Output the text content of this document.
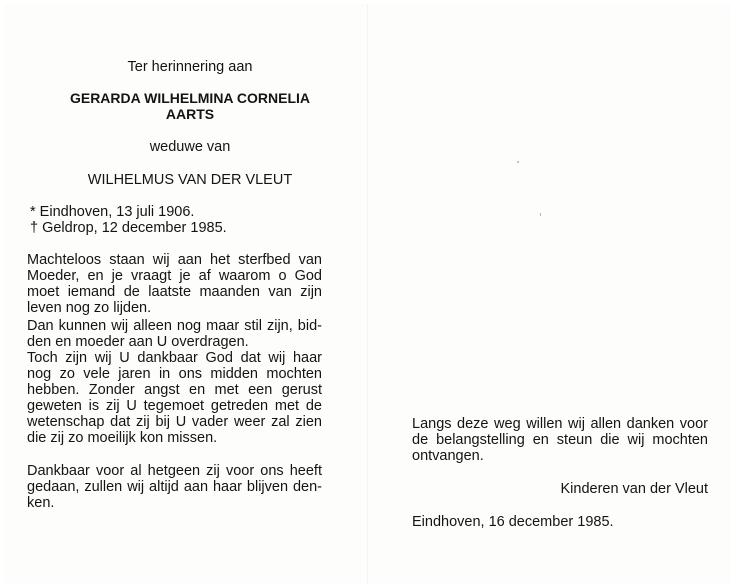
Ter herinnering aan
GERARDA WILHELMINA CORNELIA
AARTS
weduwe van
WILHELMUS VAN DER VLEUT
* Eindhoven, 13 juli 1906.
† Geldrop, 12 december 1985.
Machteloos staan wij aan het sterfbed van
Moeder, en je vraagt je af waarom o God
moet iemand de laatste maanden van zijn
leven nog zo lijden.
Dan kunnen wij alleen nog maar stil zijn, bid-
den en moeder aan U overdragen.
Toch zijn wij U dankbaar God dat wij haar
nog zo vele jaren in ons midden mochten
hebben. Zonder angst en met een gerust
geweten is zij U tegemoet getreden met de
wetenschap dat zij bij U vader weer zal zien
die zij zo moeilijk kon missen.
Dankbaar voor al hetgeen zij voor ons heeft
gedaan, zullen wij altijd aan haar blijven den-
ken.
Langs deze weg willen wij allen danken voor
de belangstelling en steun die wij mochten
ontvangen.
Kinderen van der Vleut
Eindhoven, 16 december 1985.
